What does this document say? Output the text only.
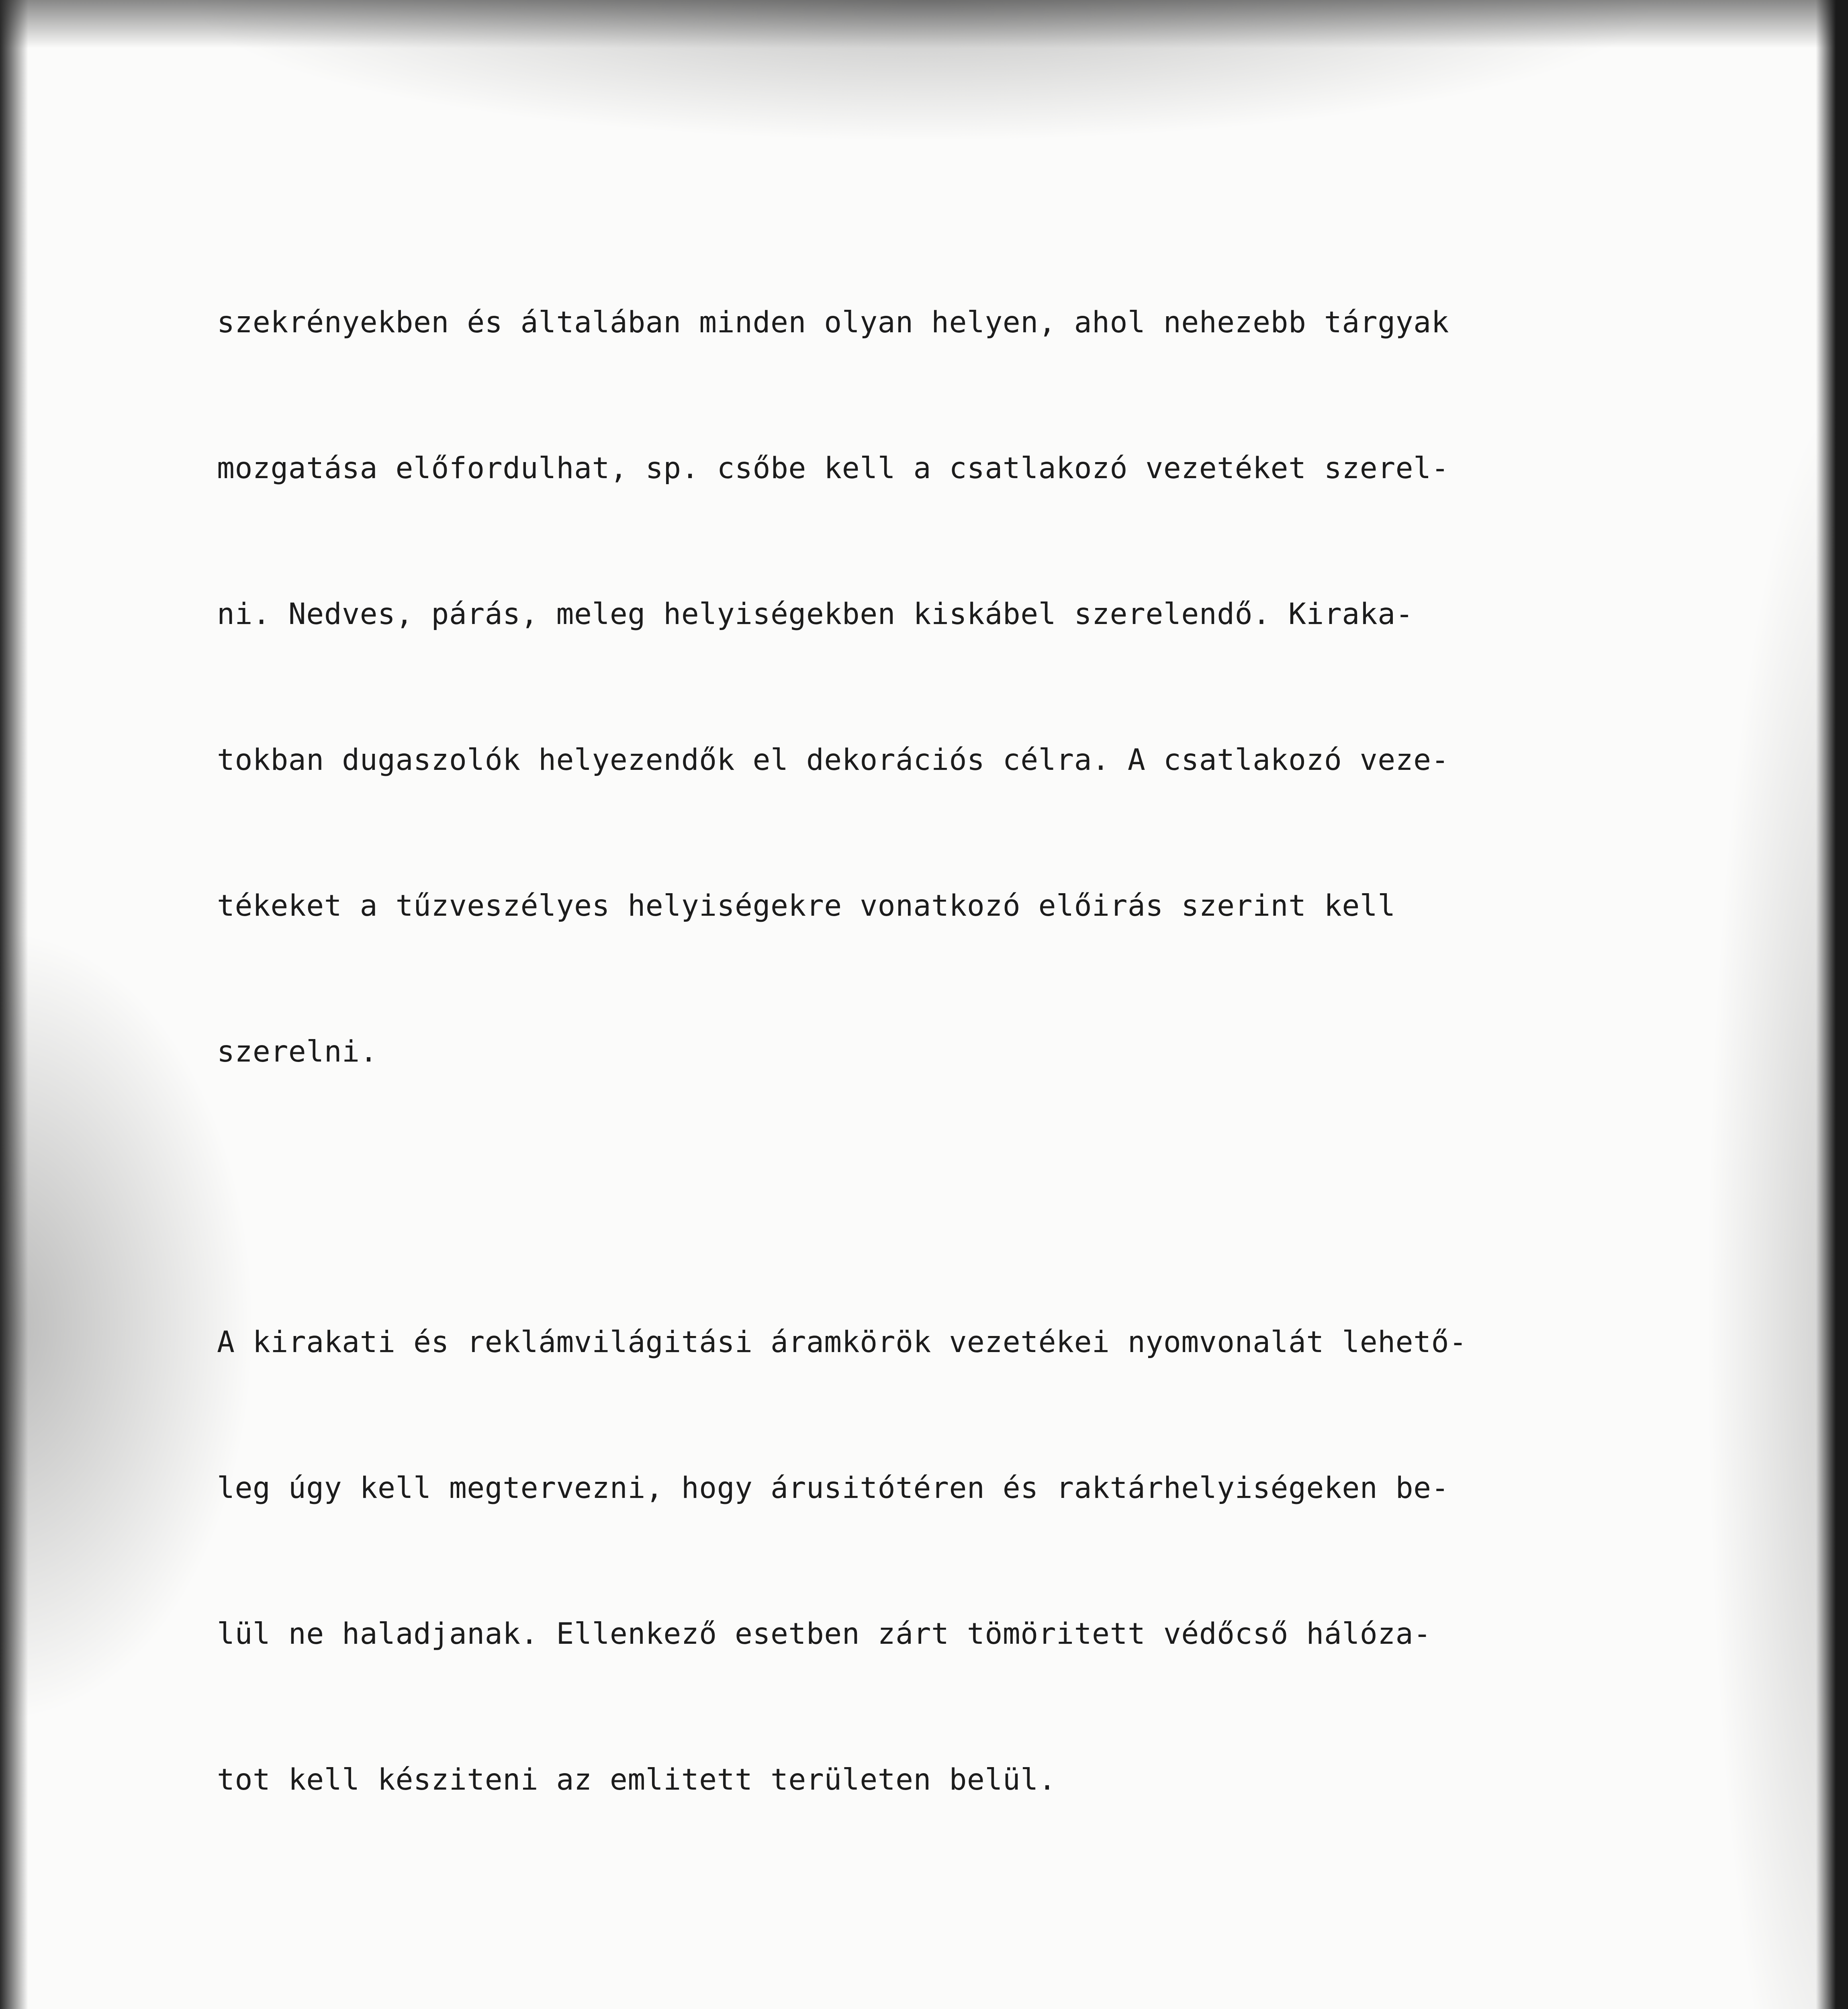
szekrényekben és általában minden olyan helyen, ahol nehezebb tárgyak

mozgatása előfordulhat, sp. csőbe kell a csatlakozó vezetéket szerel-

ni. Nedves, párás, meleg helyiségekben kiskábel szerelendő. Kiraka-

tokban dugaszolók helyezendők el dekorációs célra. A csatlakozó veze-

tékeket a tűzveszélyes helyiségekre vonatkozó előirás szerint kell

szerelni.

A kirakati és reklámvilágitási áramkörök vezetékei nyomvonalát lehető-

leg úgy kell megtervezni, hogy árusitótéren és raktárhelyiségeken be-

lül ne haladjanak. Ellenkező esetben zárt tömöritett védőcső hálóza-

tot kell késziteni az emlitett területen belül.
